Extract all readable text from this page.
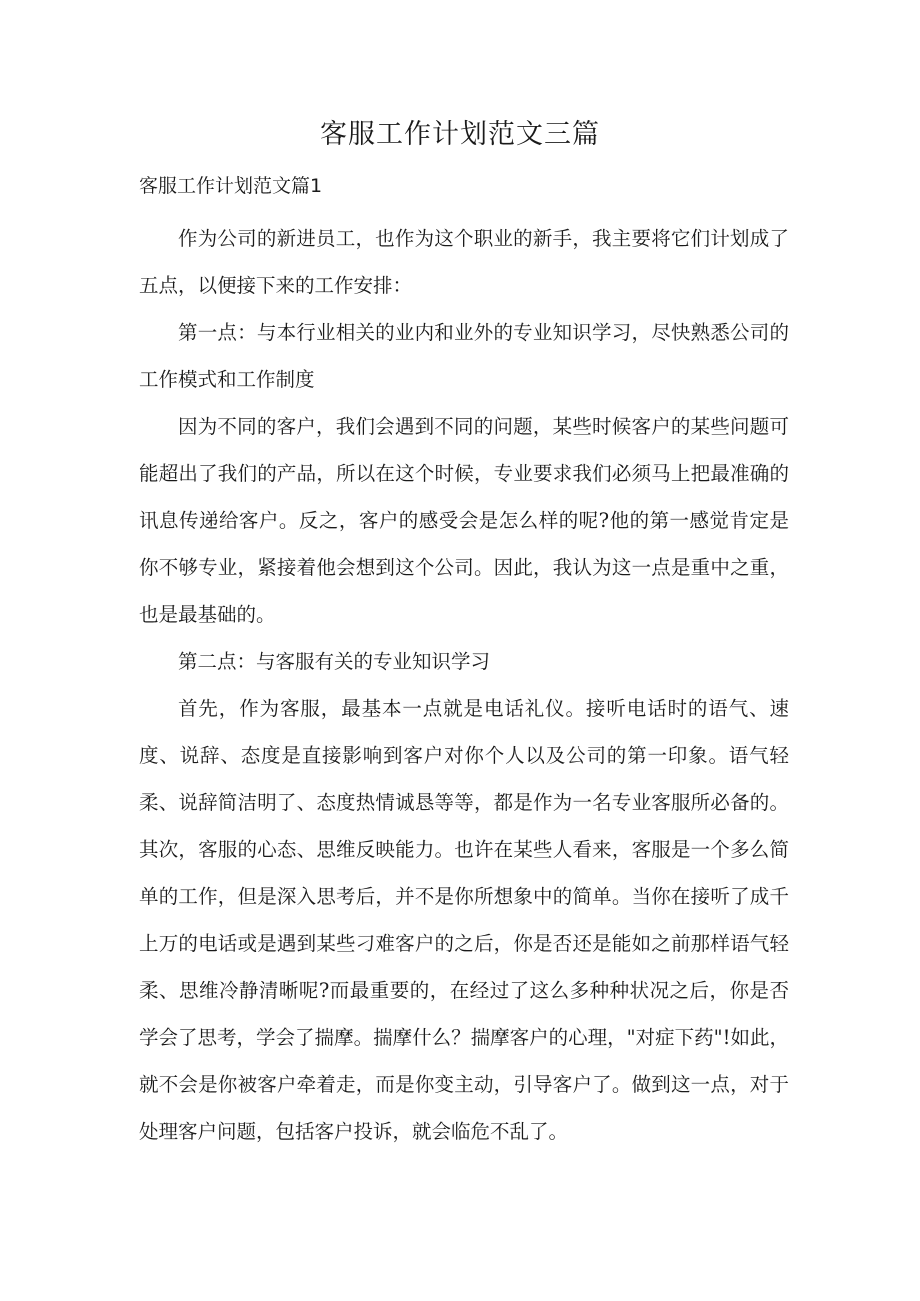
客服工作计划范文三篇
客服工作计划范文篇1

作为公司的新进员工，也作为这个职业的新手，我主要将它们计划成了五点，以便接下来的工作安排：

第一点：与本行业相关的业内和业外的专业知识学习，尽快熟悉公司的工作模式和工作制度

因为不同的客户，我们会遇到不同的问题，某些时候客户的某些问题可能超出了我们的产品，所以在这个时候，专业要求我们必须马上把最准确的讯息传递给客户。反之，客户的感受会是怎么样的呢?他的第一感觉肯定是你不够专业，紧接着他会想到这个公司。因此，我认为这一点是重中之重，也是最基础的。

第二点：与客服有关的专业知识学习

首先，作为客服，最基本一点就是电话礼仪。接听电话时的语气、速度、说辞、态度是直接影响到客户对你个人以及公司的第一印象。语气轻柔、说辞简洁明了、态度热情诚恳等等，都是作为一名专业客服所必备的。其次，客服的心态、思维反映能力。也许在某些人看来，客服是一个多么简单的工作，但是深入思考后，并不是你所想象中的简单。当你在接听了成千上万的电话或是遇到某些刁难客户的之后，你是否还是能如之前那样语气轻柔、思维冷静清晰呢?而最重要的，在经过了这么多种种状况之后，你是否学会了思考，学会了揣摩。揣摩什么？揣摩客户的心理，"对症下药"!如此，就不会是你被客户牵着走，而是你变主动，引导客户了。做到这一点，对于处理客户问题，包括客户投诉，就会临危不乱了。
